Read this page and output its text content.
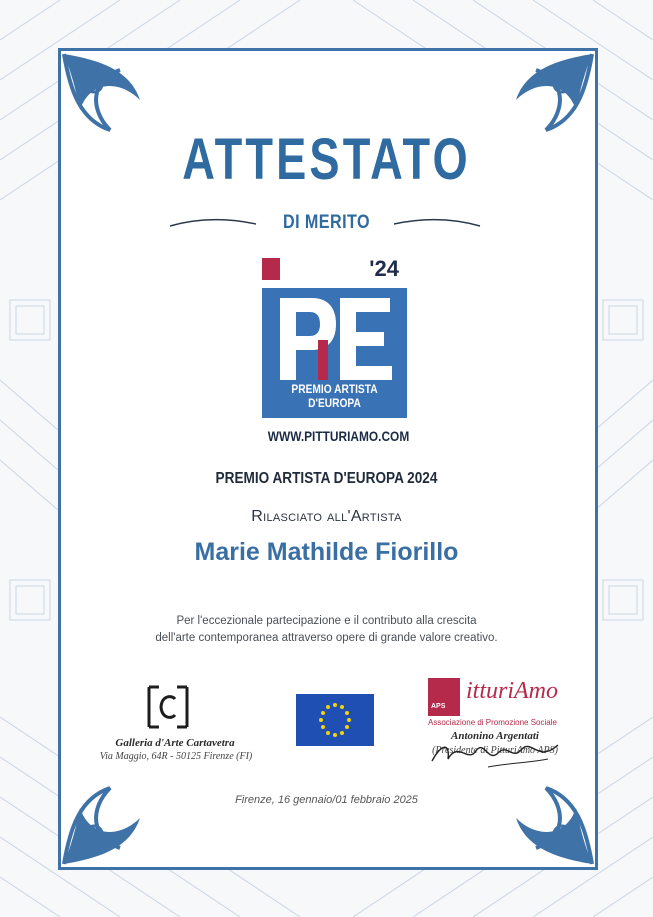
ATTESTATO
DI MERITO
'24
PREMIO ARTISTA D'EUROPA
WWW.PITTURIAMO.COM
PREMIO ARTISTA D'EUROPA 2024
Rilasciato all'Artista
Marie Mathilde Fiorillo
Per l'eccezionale partecipazione e il contributo alla crescita
dell'arte contemporanea attraverso opere di grande valore creativo.
Galleria d'Arte Cartavetra
Via Maggio, 64R - 50125 Firenze (FI)
APS
itturiAmo
Associazione di Promozione Sociale
Antonino Argentati
(Presidente di PitturiAmo APS)
Firenze, 16 gennaio/01 febbraio 2025
